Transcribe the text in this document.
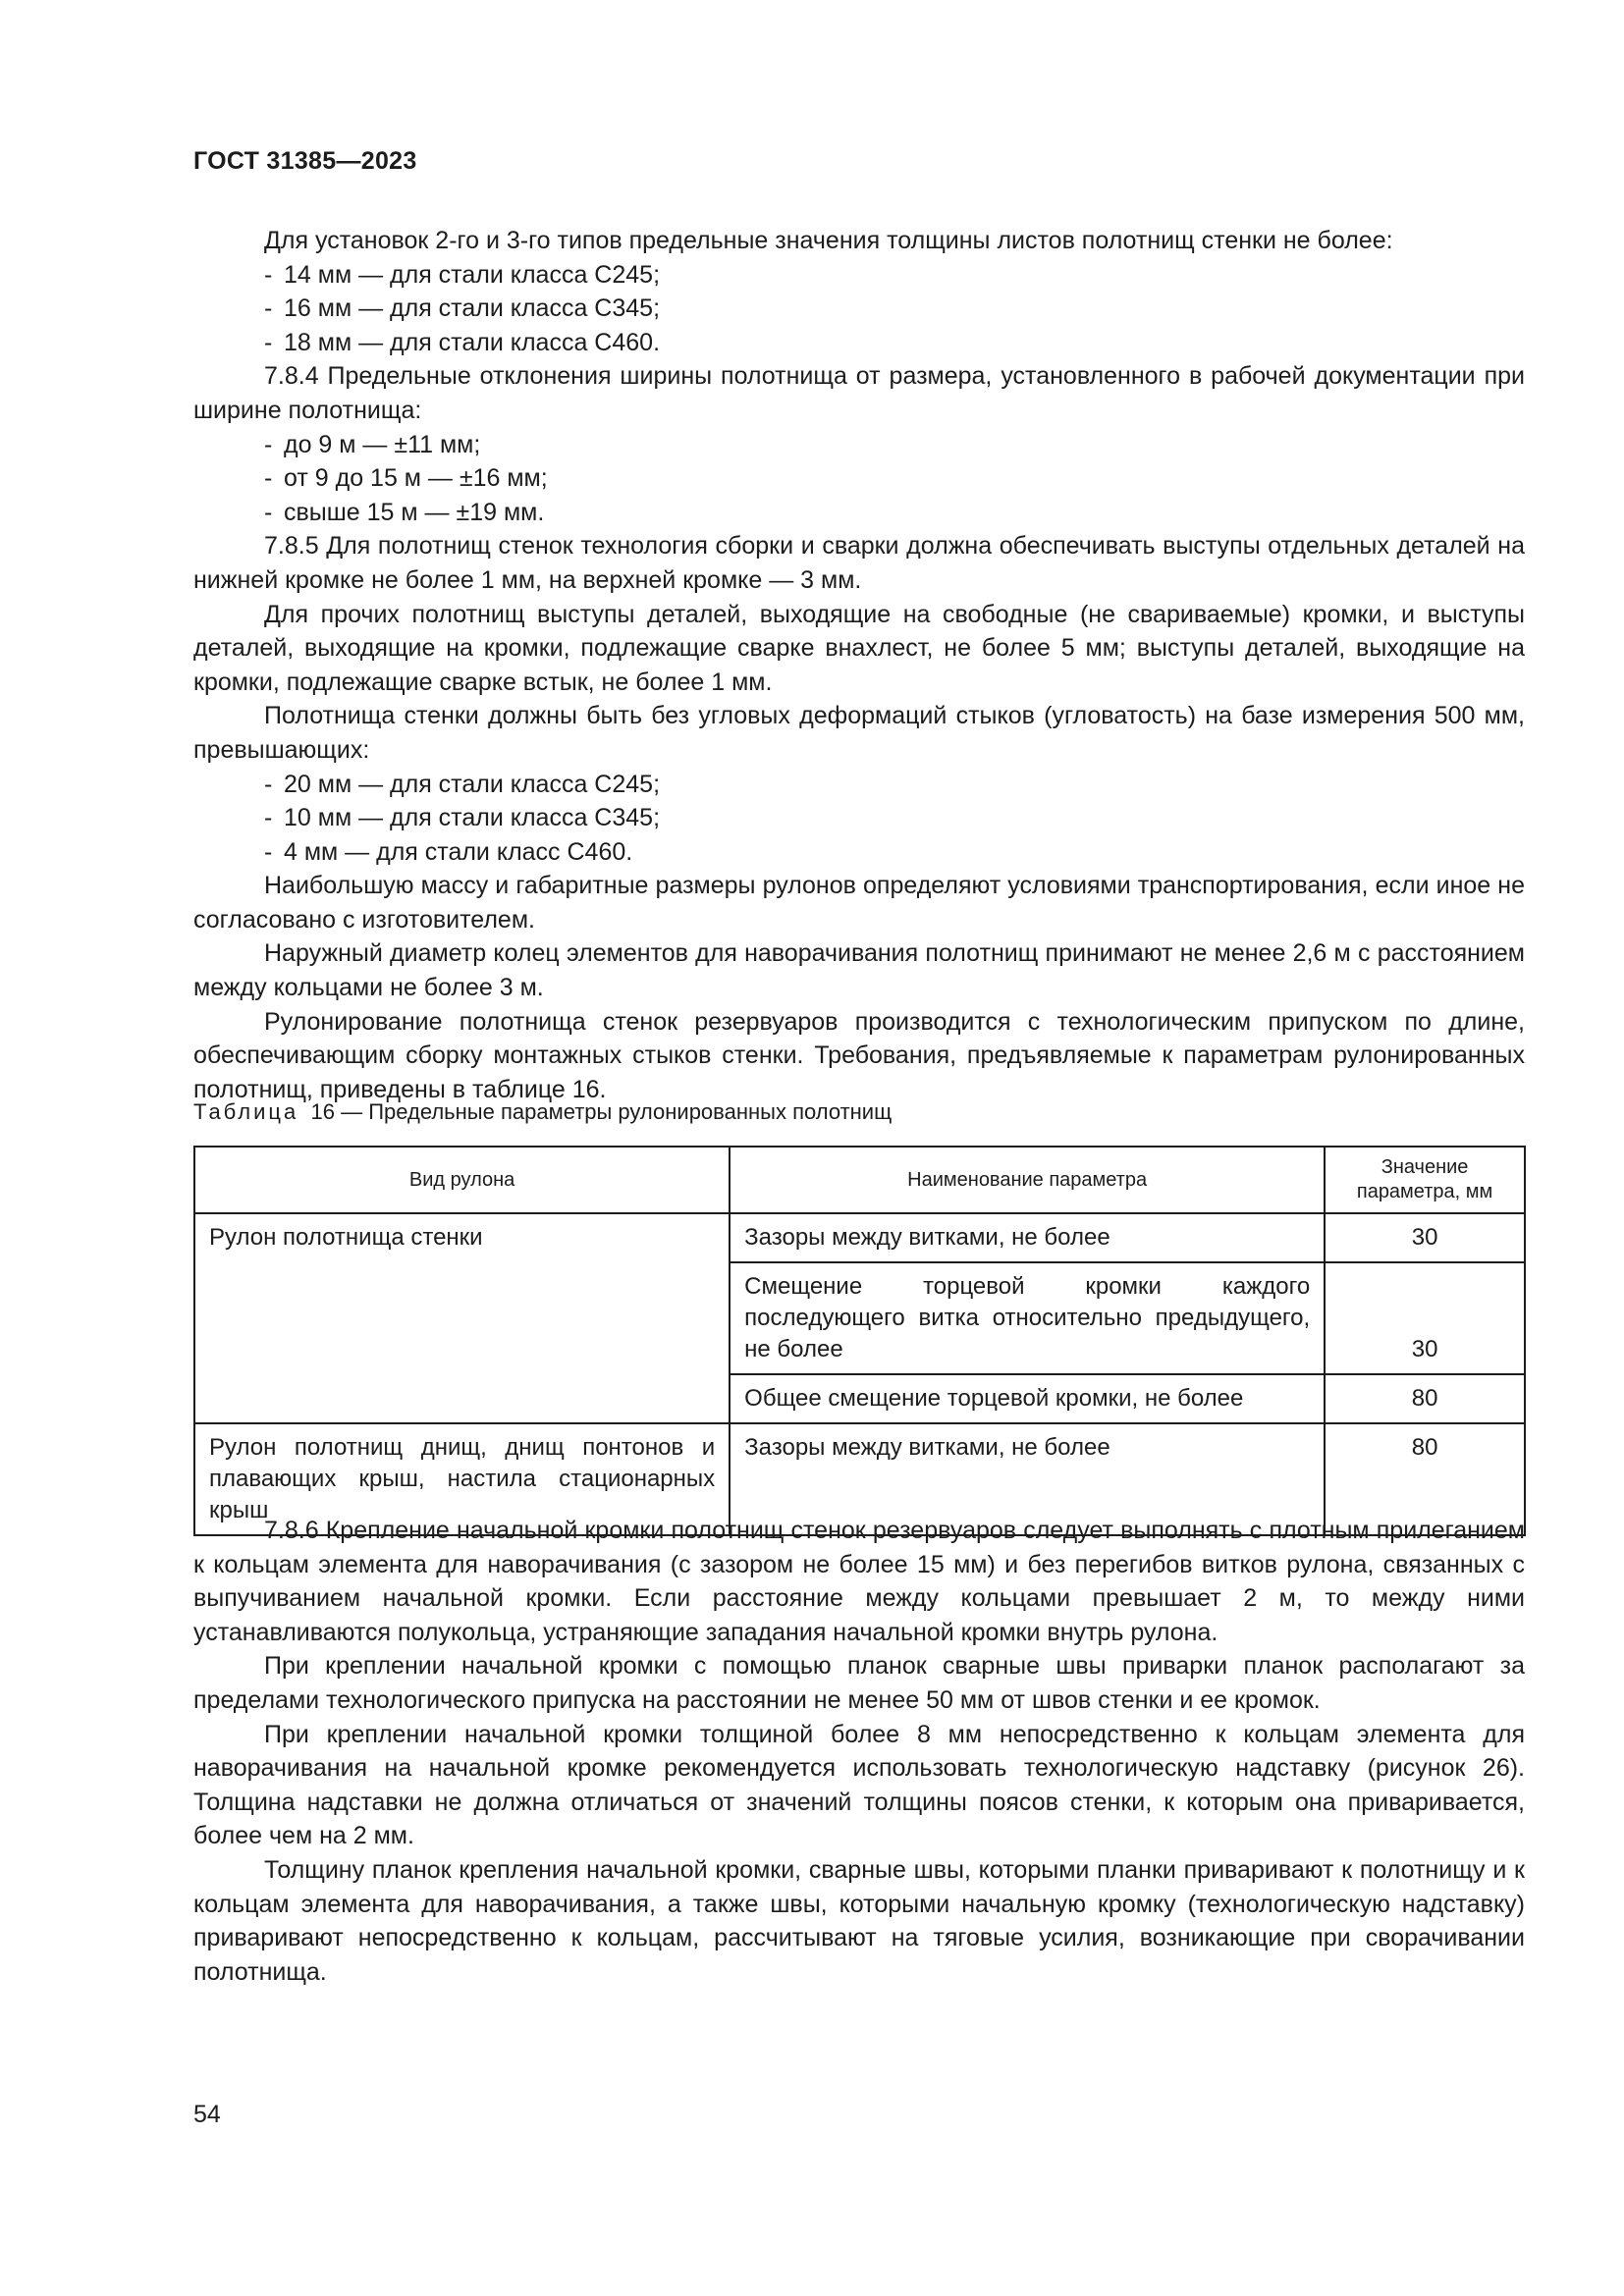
ГОСТ 31385—2023

Для установок 2-го и 3-го типов предельные значения толщины листов полотнищ стенки не более:

- 14 мм — для стали класса С245;

- 16 мм — для стали класса С345;

- 18 мм — для стали класса С460.

7.8.4 Предельные отклонения ширины полотнища от размера, установленного в рабочей документации при ширине полотнища:

- до 9 м — ±11 мм;

- от 9 до 15 м — ±16 мм;

- свыше 15 м — ±19 мм.

7.8.5 Для полотнищ стенок технология сборки и сварки должна обеспечивать выступы отдельных деталей на нижней кромке не более 1 мм, на верхней кромке — 3 мм.

Для прочих полотнищ выступы деталей, выходящие на свободные (не свариваемые) кромки, и выступы деталей, выходящие на кромки, подлежащие сварке внахлест, не более 5 мм; выступы деталей, выходящие на кромки, подлежащие сварке встык, не более 1 мм.

Полотнища стенки должны быть без угловых деформаций стыков (угловатость) на базе измерения 500 мм, превышающих:

- 20 мм — для стали класса С245;

- 10 мм — для стали класса С345;

- 4 мм — для стали класс С460.

Наибольшую массу и габаритные размеры рулонов определяют условиями транспортирования, если иное не согласовано с изготовителем.

Наружный диаметр колец элементов для наворачивания полотнищ принимают не менее 2,6 м с расстоянием между кольцами не более 3 м.

Рулонирование полотнища стенок резервуаров производится с технологическим припуском по длине, обеспечивающим сборку монтажных стыков стенки. Требования, предъявляемые к параметрам рулонированных полотнищ, приведены в таблице 16.

Таблица 16 — Предельные параметры рулонированных полотнищ
Вид рулона	Наименование параметра	Значение параметра, мм
Рулон полотнища стенки	Зазоры между витками, не более	30
	Смещение торцевой кромки каждого последующего витка относительно предыдущего, не более	30
	Общее смещение торцевой кромки, не более	80
Рулон полотнищ днищ, днищ понтонов и плавающих крыш, настила стационарных крыш	Зазоры между витками, не более	80

7.8.6 Крепление начальной кромки полотнищ стенок резервуаров следует выполнять с плотным прилеганием к кольцам элемента для наворачивания (с зазором не более 15 мм) и без перегибов витков рулона, связанных с выпучиванием начальной кромки. Если расстояние между кольцами превышает 2 м, то между ними устанавливаются полукольца, устраняющие западания начальной кромки внутрь рулона.

При креплении начальной кромки с помощью планок сварные швы приварки планок располагают за пределами технологического припуска на расстоянии не менее 50 мм от швов стенки и ее кромок.

При креплении начальной кромки толщиной более 8 мм непосредственно к кольцам элемента для наворачивания на начальной кромке рекомендуется использовать технологическую надставку (рисунок 26). Толщина надставки не должна отличаться от значений толщины поясов стенки, к которым она приваривается, более чем на 2 мм.

Толщину планок крепления начальной кромки, сварные швы, которыми планки приваривают к полотнищу и к кольцам элемента для наворачивания, а также швы, которыми начальную кромку (технологическую надставку) приваривают непосредственно к кольцам, рассчитывают на тяговые усилия, возникающие при сворачивании полотнища.

54
